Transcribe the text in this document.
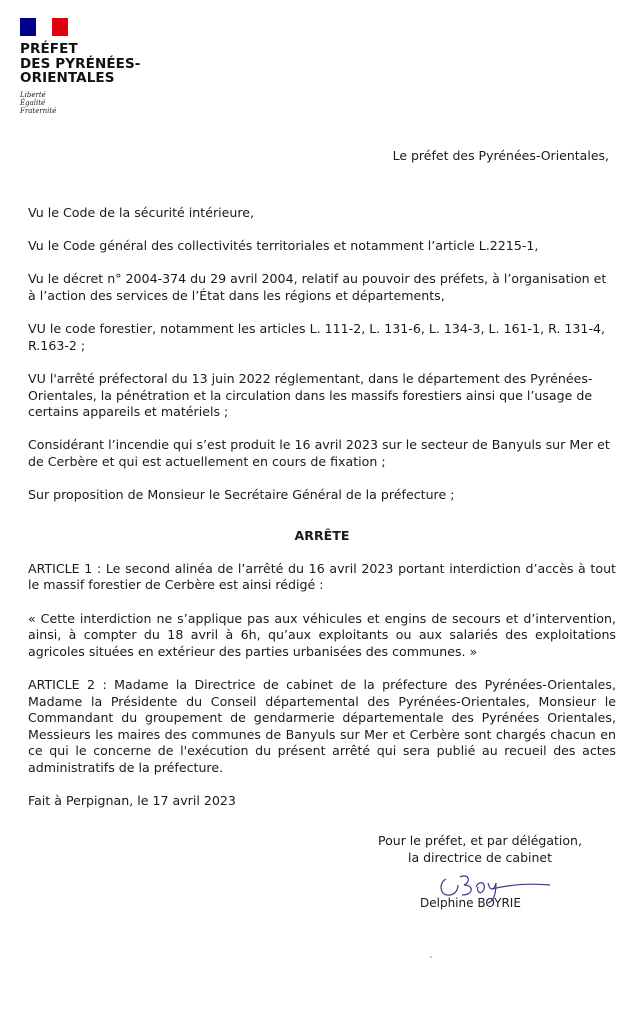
PRÉFET
DES PYRÉNÉES-
ORIENTALES
Liberté
Égalité
Fraternité
Le préfet des Pyrénées-Orientales,

Vu le Code de la sécurité intérieure,

Vu le Code général des collectivités territoriales et notamment l’article L.2215-1,

Vu le décret n° 2004-374 du 29 avril 2004, relatif au pouvoir des préfets, à l’organisation et à l’action des services de l’État dans les régions et départements,

VU le code forestier, notamment les articles L. 111-2, L. 131-6, L. 134-3, L. 161-1, R. 131-4, R.163-2 ;

VU l'arrêté préfectoral du 13 juin 2022 réglementant, dans le département des Pyrénées-Orientales, la pénétration et la circulation dans les massifs forestiers ainsi que l’usage de certains appareils et matériels ;

Considérant l’incendie qui s’est produit le 16 avril 2023 sur le secteur de Banyuls sur Mer et de Cerbère et qui est actuellement en cours de fixation ;

Sur proposition de Monsieur le Secrétaire Général de la préfecture ;

ARRÊTE

ARTICLE 1 : Le second alinéa de l’arrêté du 16 avril 2023 portant interdiction d’accès à tout le massif forestier de Cerbère est ainsi rédigé :

« Cette interdiction ne s’applique pas aux véhicules et engins de secours et d’intervention, ainsi, à compter du 18 avril à 6h, qu’aux exploitants ou aux salariés des exploitations agricoles situées en extérieur des parties urbanisées des communes. »

ARTICLE 2 : Madame la Directrice de cabinet de la préfecture des Pyrénées-Orientales, Madame la Présidente du Conseil départemental des Pyrénées-Orientales, Monsieur le Commandant du groupement de gendarmerie départementale des Pyrénées Orientales, Messieurs les maires des communes de Banyuls sur Mer et Cerbère sont chargés chacun en ce qui le concerne de l'exécution du présent arrêté qui sera publié au recueil des actes administratifs de la préfecture.

Fait à Perpignan, le 17 avril 2023

Pour le préfet, et par délégation,
la directrice de cabinet
Delphine BOYRIE
